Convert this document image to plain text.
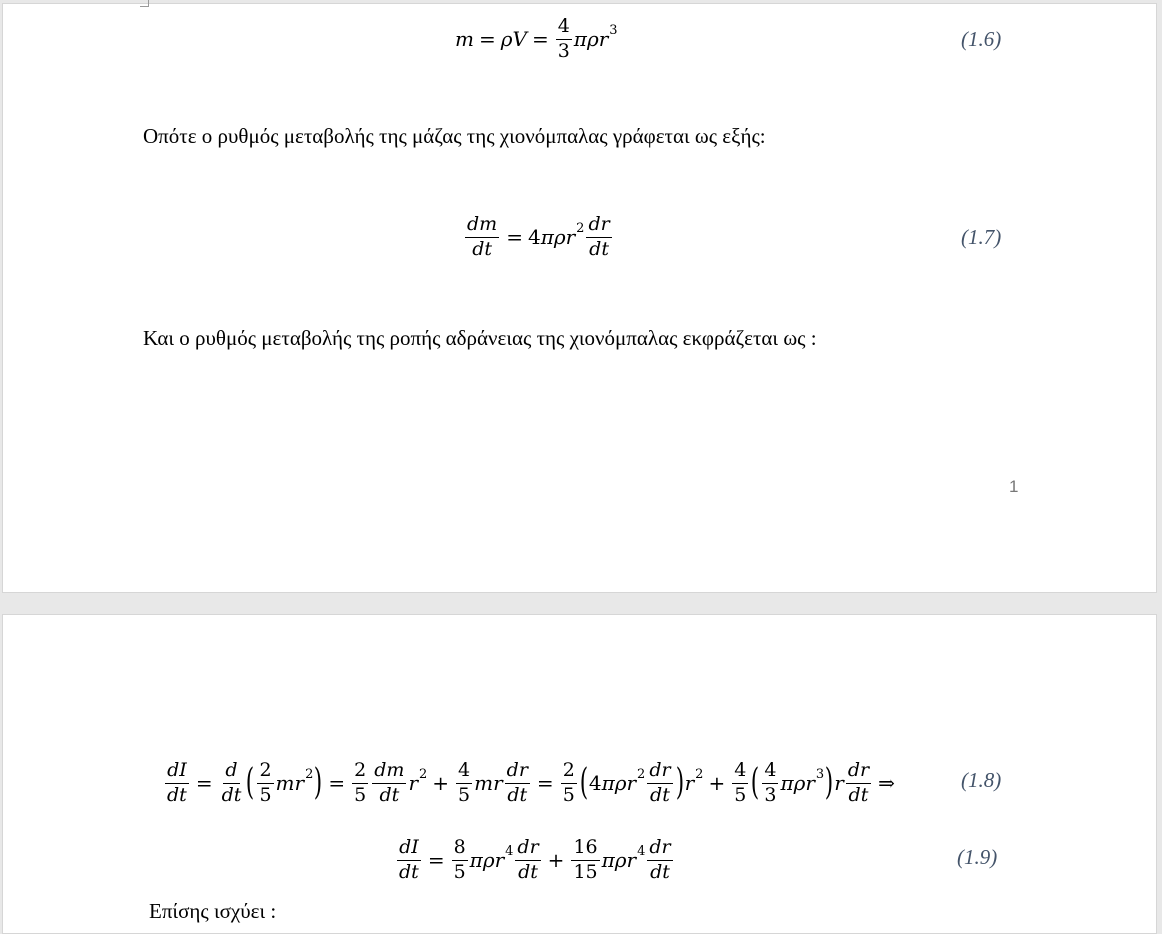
$m = \rho V = \frac{4}{3}$ πρr 3	(1.6)
Οπότε ο ρυθμός μεταβολής της μάζας της χιονόμπαλας γράφεται ως εξής:
$\frac{dm}{dt} = 4$ πρr $2 \frac{dr}{dt}$	(1.7)
Και ο ρυθμός μεταβολής της ροπής αδράνειας της χιονόμπαλας εκφράζεται ως :
1
$\frac{dI}{dt} = \frac{d}{dt}$ ( $\frac{2}{5}$ mr 2 ) = $\frac{2}{5} \frac{dm}{dt}$ r $2 + \frac{4}{5}$ mr $\frac{dr}{dt} = \frac{2}{5}$ ( 4 πρr $2 \frac{dr}{dt}$ ) r $2 + \frac{4}{5}$ ( $\frac{4}{3}$ πρr 3 ) r $\frac{dr}{dt}$ ⇒	(1.8)
$\frac{dI}{dt} = \frac{8}{5}$ πρr $4 \frac{dr}{dt} + \frac{16}{15}$ πρr $4 \frac{dr}{dt}$	(1.9)
Επίσης ισχύει :
